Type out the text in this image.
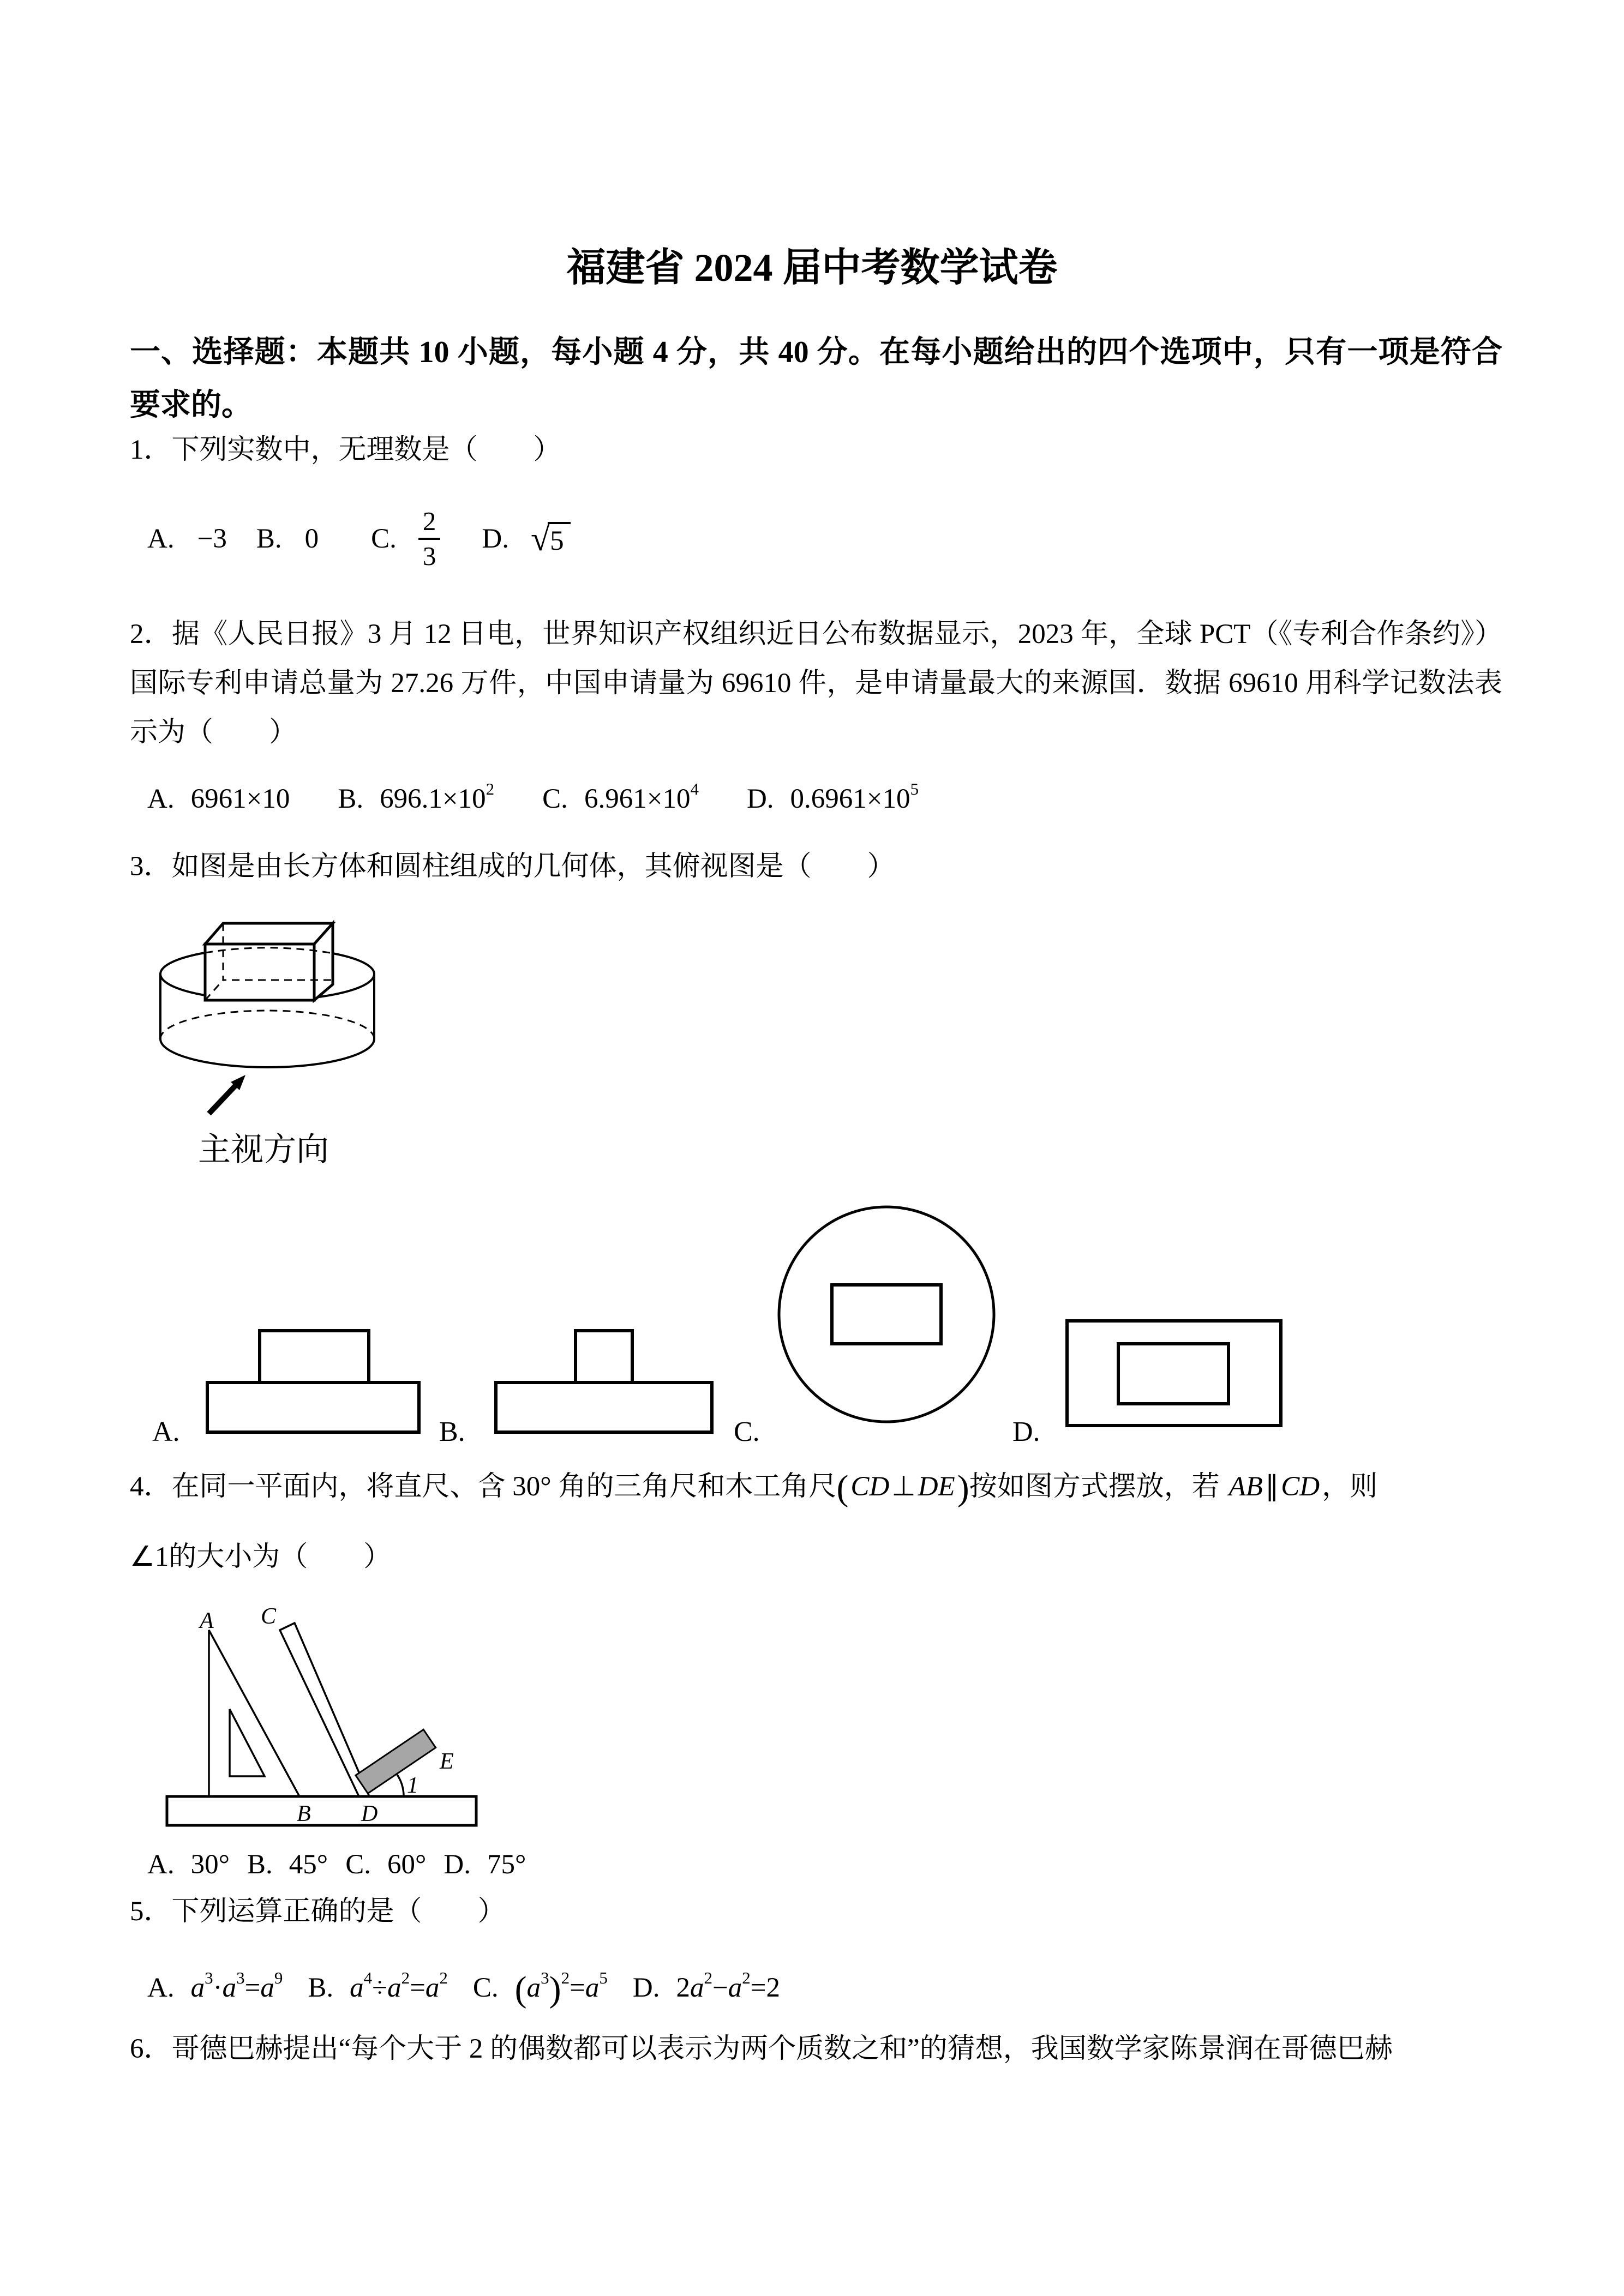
福建省 2024 届中考数学试卷
一、选择题：本题共 10 小题，每小题 4 分，共 40 分。在每小题给出的四个选项中，只有一项是符合要求的。
1．下列实数中，无理数是（　　）
A. −3 B. 0 C. $\frac{2}{3} D$. √ 5
2．据《人民日报》3 月 12 日电，世界知识产权组织近日公布数据显示，2023 年，全球 PCT（《专利合作条约》）国际专利申请总量为 27.26 万件，中国申请量为 69610 件，是申请量最大的来源国．数据 69610 用科学记数法表示为（　　）
A. 6961×10 B. $696.1\times 10^2$ C. $6.961\times 10^4$ D. $0.6961\times 10^5$
3．如图是由长方体和圆柱组成的几何体，其俯视图是（　　）
主视方向
A.	B.	C.	D.
4．在同一平面内，将直尺、含 30° 角的三角尺和木工角尺(CD⊥DE)按如图方式摆放，若 AB∥CD，则
∠1的大小为（　　）
A C
B D
E
1
A. 30° B. 45° C. 60° D. 75°
5．下列运算正确的是（　　）
A. $a^3\cdot a^3=a^9$ B. $a^4\div a^2=a^2$ C. $(a^3)^2=a^5$ D. $2a^2-a^2=2$
6．哥德巴赫提出“每个大于 2 的偶数都可以表示为两个质数之和”的猜想，我国数学家陈景润在哥德巴赫
